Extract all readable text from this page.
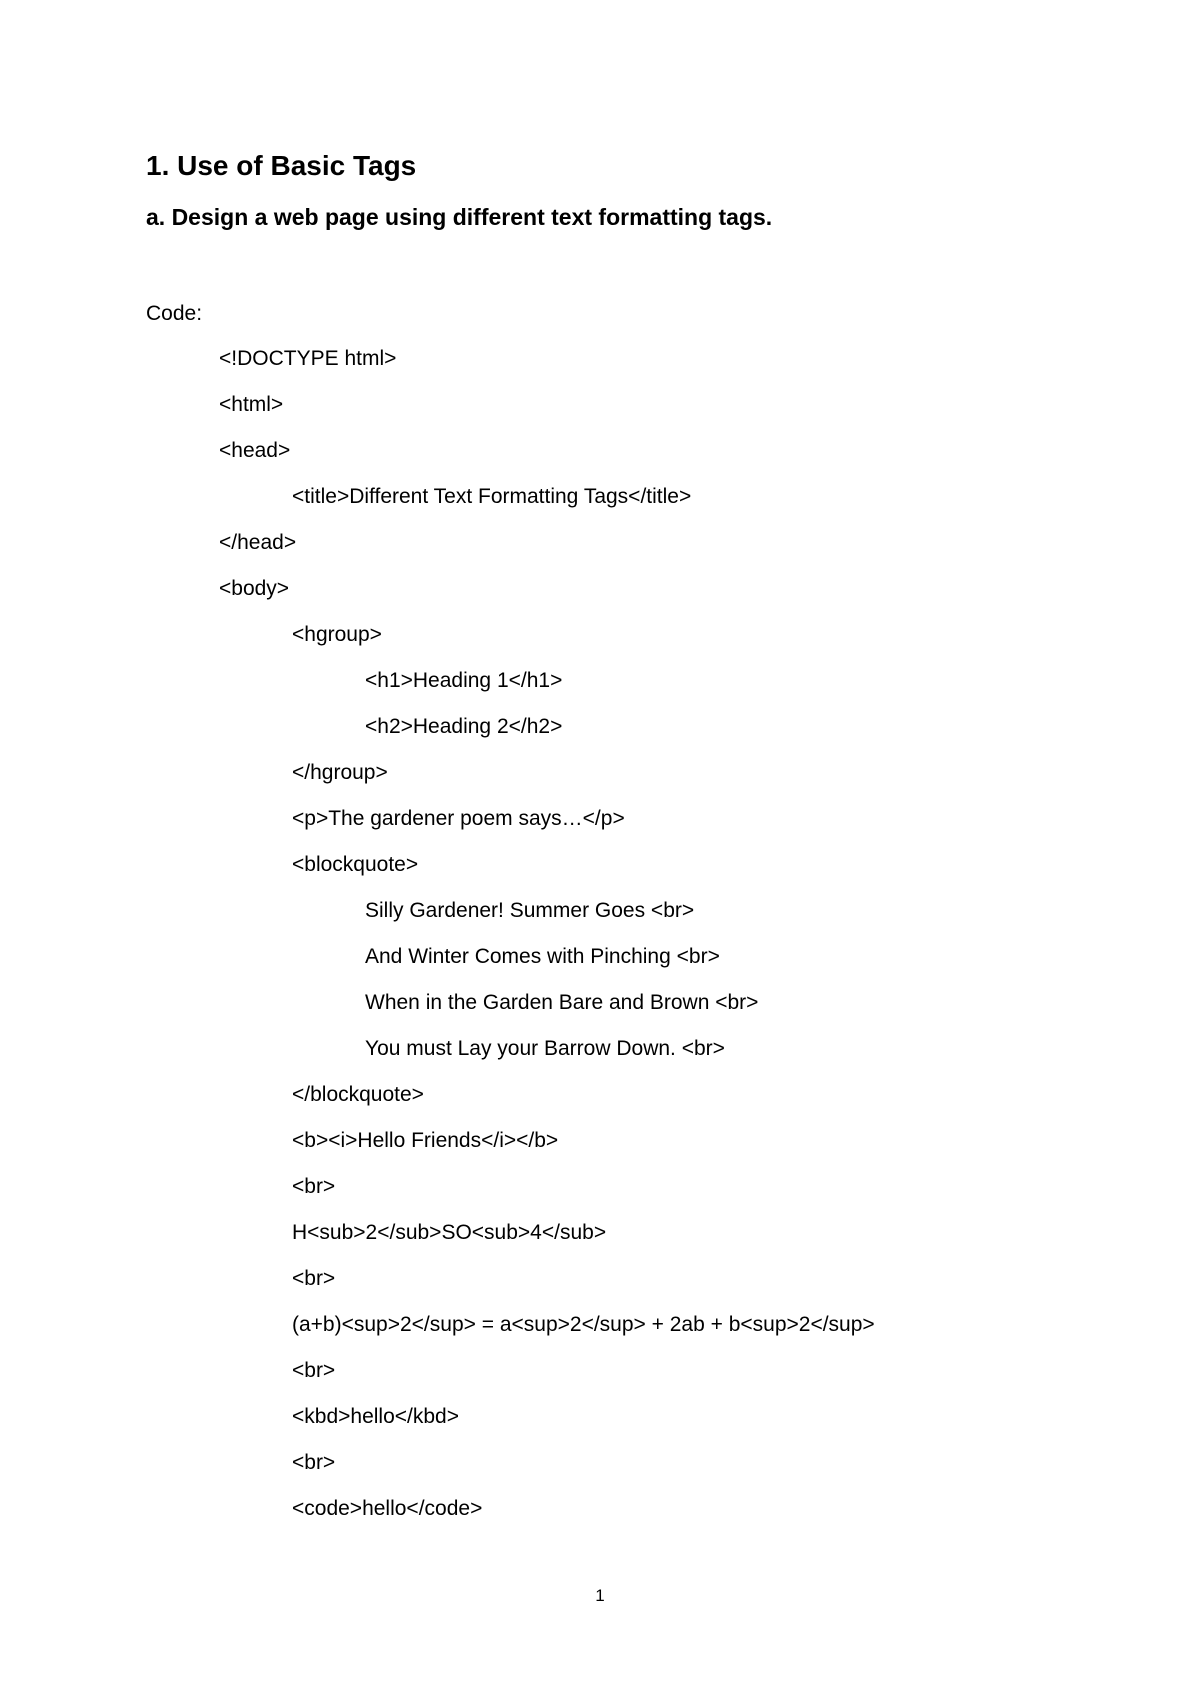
1. Use of Basic Tags
a. Design a web page using different text formatting tags.

Code:

<!DOCTYPE html>
<html>
<head>
<title>Different Text Formatting Tags</title>
</head>
<body>
<hgroup>
<h1>Heading 1</h1>
<h2>Heading 2</h2>
</hgroup>
<p>The gardener poem says…</p>
<blockquote>
Silly Gardener! Summer Goes <br>
And Winter Comes with Pinching <br>
When in the Garden Bare and Brown <br>
You must Lay your Barrow Down. <br>
</blockquote>
<b><i>Hello Friends</i></b>
<br>
H<sub>2</sub>SO<sub>4</sub>
<br>
(a+b)<sup>2</sup> = a<sup>2</sup> + 2ab + b<sup>2</sup>
<br>
<kbd>hello</kbd>
<br>
<code>hello</code>
1
